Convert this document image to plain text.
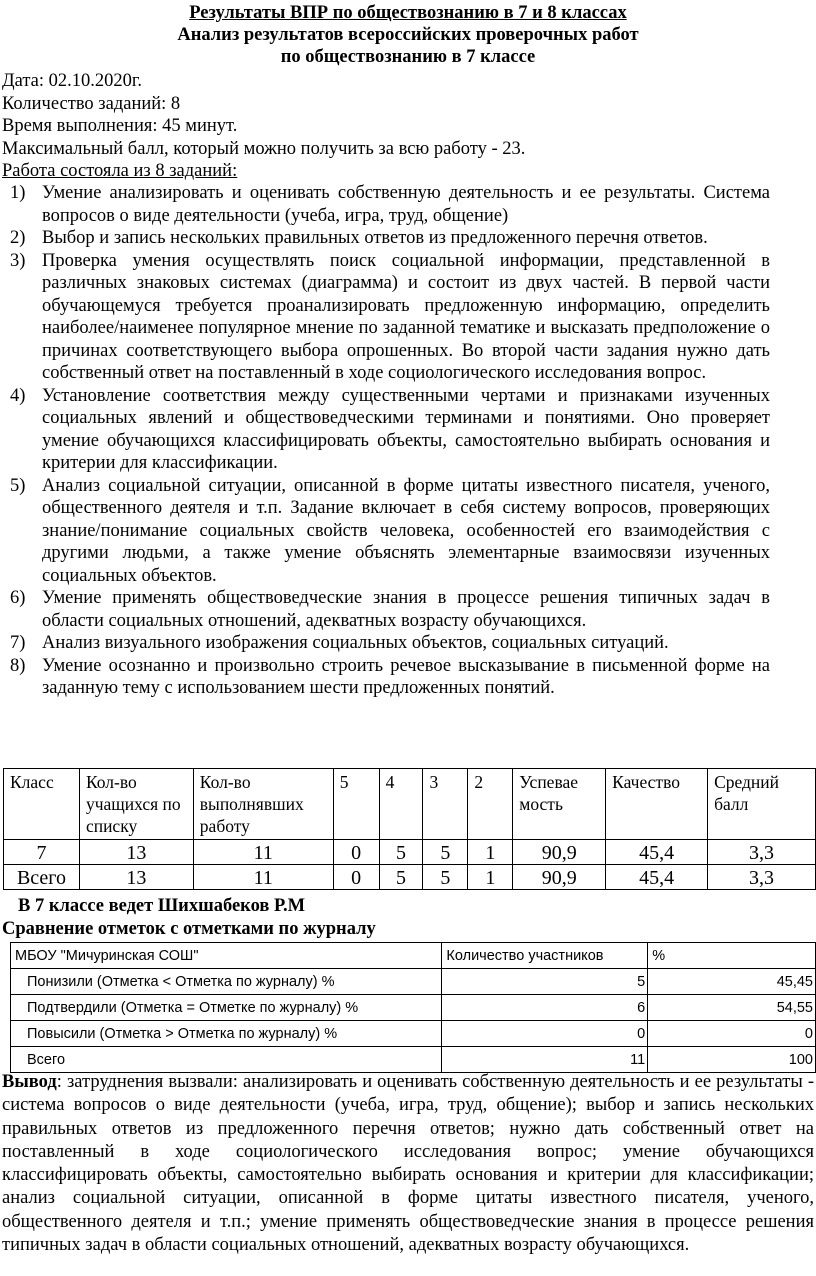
Результаты ВПР по обществознанию в 7 и 8 классах
Анализ результатов всероссийских проверочных работ
по обществознанию в 7 классе
Дата: 02.10.2020г.
Количество заданий: 8
Время выполнения: 45 минут.
Максимальный балл, который можно получить за всю работу - 23.
Работа состояла из 8 заданий:
1) Умение анализировать и оценивать собственную деятельность и ее результаты. Система вопросов о виде деятельности (учеба, игра, труд, общение)
2) Выбор и запись нескольких правильных ответов из предложенного перечня ответов.
3) Проверка умения осуществлять поиск социальной информации, представленной в различных знаковых системах (диаграмма) и состоит из двух частей. В первой части обучающемуся требуется проанализировать предложенную информацию, определить наиболее/наименее популярное мнение по заданной тематике и высказать предположение о причинах соответствующего выбора опрошенных. Во второй части задания нужно дать собственный ответ на поставленный в ходе социологического исследования вопрос.
4) Установление соответствия между существенными чертами и признаками изученных социальных явлений и обществоведческими терминами и понятиями. Оно проверяет умение обучающихся классифицировать объекты, самостоятельно выбирать основания и критерии для классификации.
5) Анализ социальной ситуации, описанной в форме цитаты известного писателя, ученого, общественного деятеля и т.п. Задание включает в себя систему вопросов, проверяющих знание/понимание социальных свойств человека, особенностей его взаимодействия с другими людьми, а также умение объяснять элементарные взаимосвязи изученных социальных объектов.
6) Умение применять обществоведческие знания в процессе решения типичных задач в области социальных отношений, адекватных возрасту обучающихся.
7) Анализ визуального изображения социальных объектов, социальных ситуаций.
8) Умение осознанно и произвольно строить речевое высказывание в письменной форме на заданную тему с использованием шести предложенных понятий.
Класс	Кол-во учащихся по списку	Кол-во выполнявших работу	5	4	3	2	Успевае мость	Качество	Средний балл
7	13	11	0	5	5	1	90,9	45,4	3,3
Всего	13	11	0	5	5	1	90,9	45,4	3,3
В 7 классе ведет Шихшабеков Р.М
Сравнение отметок с отметками по журналу
МБОУ "Мичуринская СОШ"	Количество участников	%
Понизили (Отметка < Отметка по журналу) %	5	45,45
Подтвердили (Отметка = Отметке по журналу) %	6	54,55
Повысили (Отметка > Отметка по журналу) %	0	0
Всего	11	100
Вывод: затруднения вызвали: анализировать и оценивать собственную деятельность и ее результаты - система вопросов о виде деятельности (учеба, игра, труд, общение); выбор и запись нескольких правильных ответов из предложенного перечня ответов; нужно дать собственный ответ на поставленный в ходе социологического исследования вопрос; умение обучающихся классифицировать объекты, самостоятельно выбирать основания и критерии для классификации; анализ социальной ситуации, описанной в форме цитаты известного писателя, ученого, общественного деятеля и т.п.; умение применять обществоведческие знания в процессе решения типичных задач в области социальных отношений, адекватных возрасту обучающихся.
